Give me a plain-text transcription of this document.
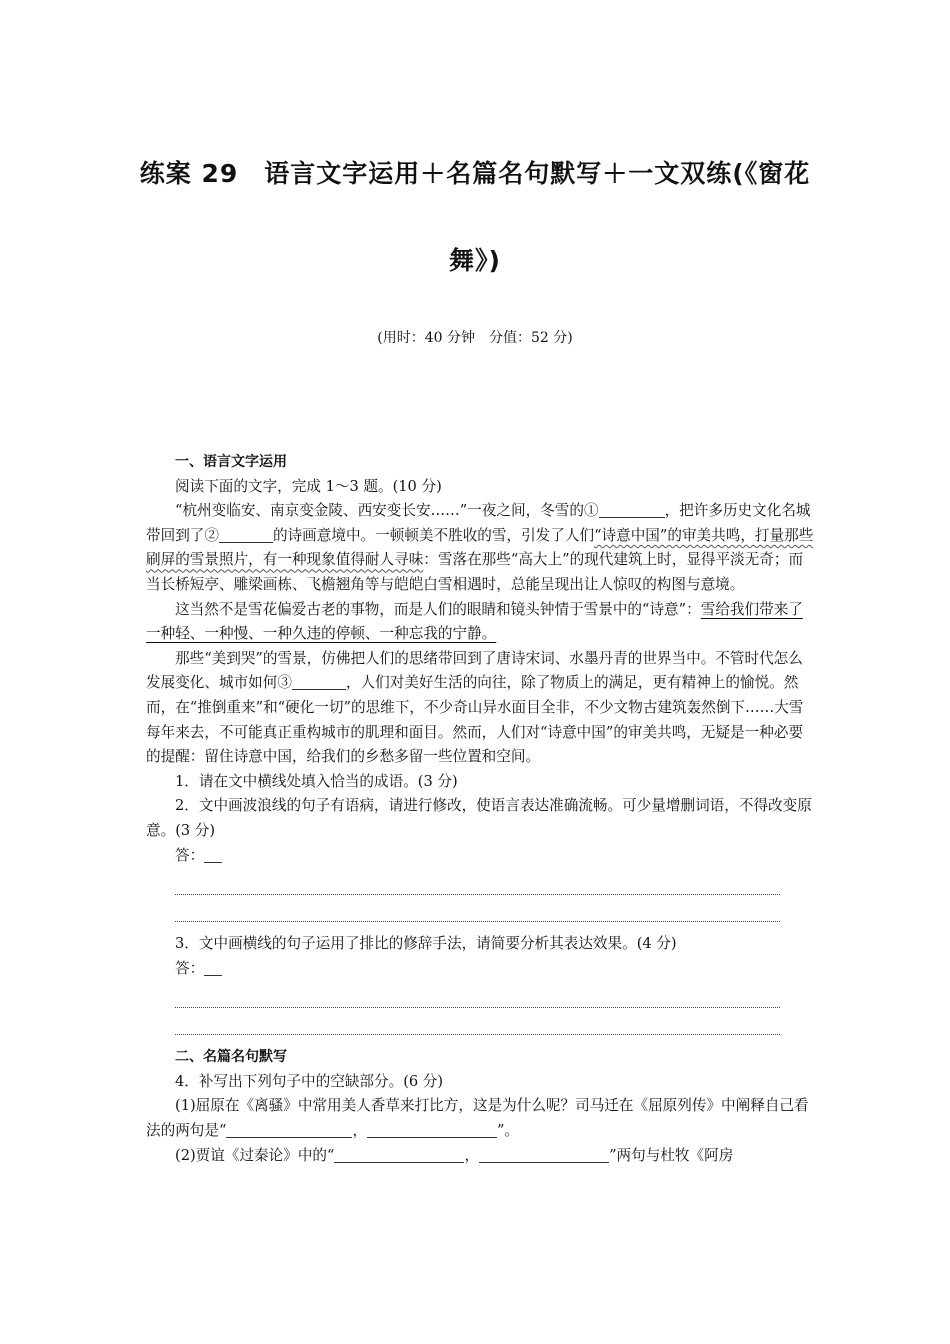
练案 29　语言文字运用＋名篇名句默写＋一文双练(《窗花
舞》)
(用时：40 分钟　分值：52 分)

一、语言文字运用

阅读下面的文字，完成 1～3 题。(10 分)

“杭州变临安、南京变金陵、西安变长安……”一夜之间，冬雪的①	，把许多历史文化名城带回到了②	的诗画意境中。一顿顿美不胜收的雪，引发了人们“诗意中国”的审美共鸣，打量那些刷屏的雪景照片，有一种现象值得耐人寻味：雪落在那些“高大上”的现代建筑上时，显得平淡无奇；而当长桥短亭、雕梁画栋、飞檐翘角等与皑皑白雪相遇时，总能呈现出让人惊叹的构图与意境。

这当然不是雪花偏爱古老的事物，而是人们的眼睛和镜头钟情于雪景中的“诗意”：雪给我们带来了一种轻、一种慢、一种久违的停顿、一种忘我的宁静。

那些“美到哭”的雪景，仿佛把人们的思绪带回到了唐诗宋词、水墨丹青的世界当中。不管时代怎么发展变化、城市如何③	，人们对美好生活的向往，除了物质上的满足，更有精神上的愉悦。然而，在“推倒重来”和“硬化一切”的思维下，不少奇山异水面目全非，不少文物古建筑轰然倒下……大雪每年来去，不可能真正重构城市的肌理和面目。然而，人们对“诗意中国”的审美共鸣，无疑是一种必要的提醒：留住诗意中国，给我们的乡愁多留一些位置和空间。

1．请在文中横线处填入恰当的成语。(3 分)

2．文中画波浪线的句子有语病，请进行修改，使语言表达准确流畅。可少量增删词语，不得改变原意。(3 分)

答：

3．文中画横线的句子运用了排比的修辞手法，请简要分析其表达效果。(4 分)

答：

二、名篇名句默写

4．补写出下列句子中的空缺部分。(6 分)

(1)屈原在《离骚》中常用美人香草来打比方，这是为什么呢？司马迁在《屈原列传》中阐释自己看法的两句是“	，	”。

(2)贾谊《过秦论》中的“	，	”两句与杜牧《阿房
